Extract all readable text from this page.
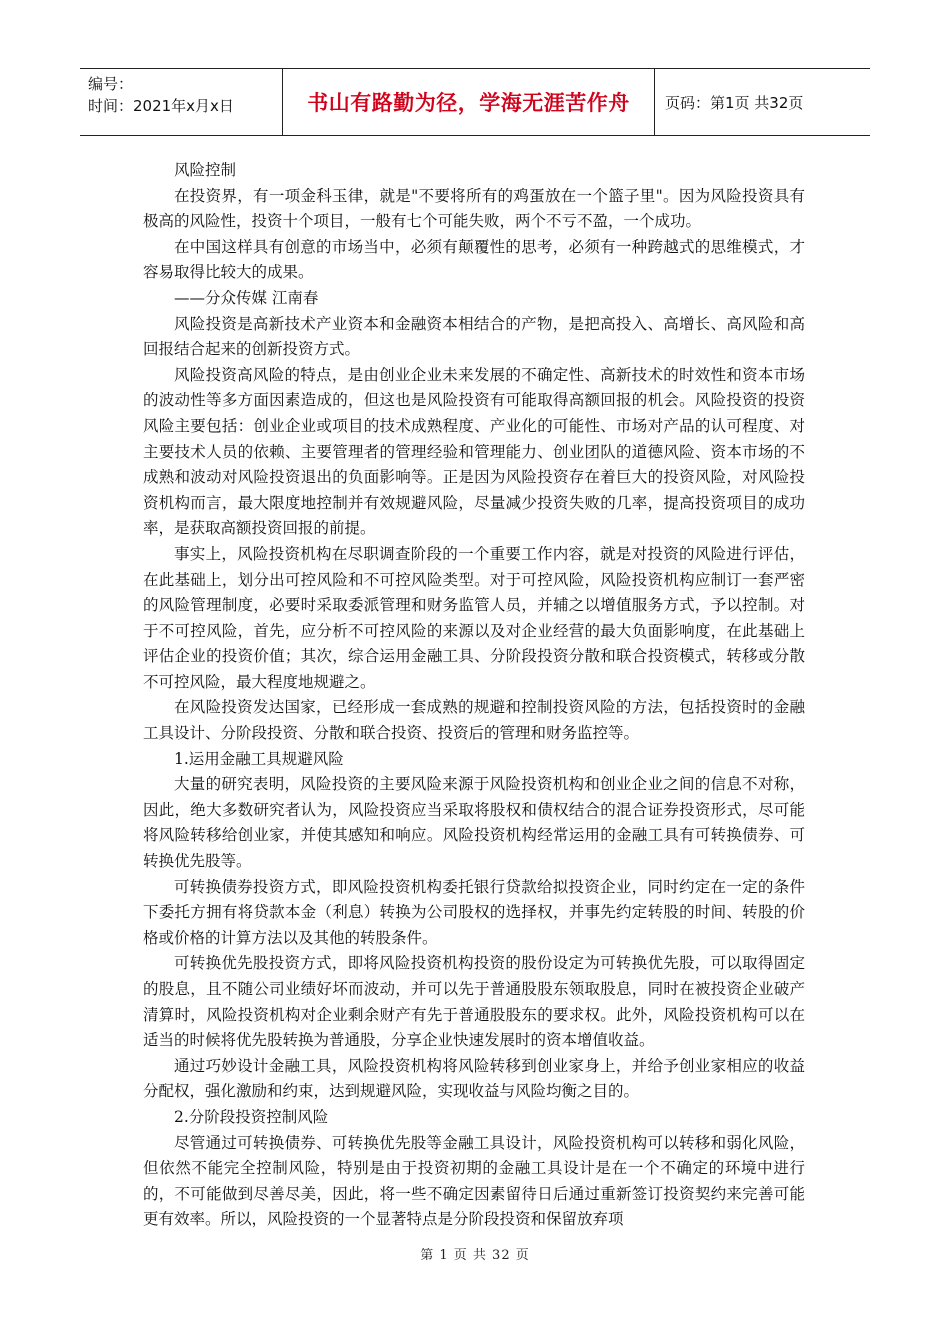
编号：
时间：2021年x月x日	书山有路勤为径，学海无涯苦作舟	页码：第1页 共32页

风险控制

在投资界，有一项金科玉律，就是"不要将所有的鸡蛋放在一个篮子里"。因为风险投资具有极高的风险性，投资十个项目，一般有七个可能失败，两个不亏不盈，一个成功。

在中国这样具有创意的市场当中，必须有颠覆性的思考，必须有一种跨越式的思维模式，才容易取得比较大的成果。

——分众传媒 江南春

风险投资是高新技术产业资本和金融资本相结合的产物，是把高投入、高增长、高风险和高回报结合起来的创新投资方式。

风险投资高风险的特点，是由创业企业未来发展的不确定性、高新技术的时效性和资本市场的波动性等多方面因素造成的，但这也是风险投资有可能取得高额回报的机会。风险投资的投资风险主要包括：创业企业或项目的技术成熟程度、产业化的可能性、市场对产品的认可程度、对主要技术人员的依赖、主要管理者的管理经验和管理能力、创业团队的道德风险、资本市场的不成熟和波动对风险投资退出的负面影响等。正是因为风险投资存在着巨大的投资风险，对风险投资机构而言，最大限度地控制并有效规避风险，尽量减少投资失败的几率，提高投资项目的成功率，是获取高额投资回报的前提。

事实上，风险投资机构在尽职调查阶段的一个重要工作内容，就是对投资的风险进行评估，在此基础上，划分出可控风险和不可控风险类型。对于可控风险，风险投资机构应制订一套严密的风险管理制度，必要时采取委派管理和财务监管人员，并辅之以增值服务方式，予以控制。对于不可控风险，首先，应分析不可控风险的来源以及对企业经营的最大负面影响度，在此基础上评估企业的投资价值；其次，综合运用金融工具、分阶段投资分散和联合投资模式，转移或分散不可控风险，最大程度地规避之。

在风险投资发达国家，已经形成一套成熟的规避和控制投资风险的方法，包括投资时的金融工具设计、分阶段投资、分散和联合投资、投资后的管理和财务监控等。

1.运用金融工具规避风险

大量的研究表明，风险投资的主要风险来源于风险投资机构和创业企业之间的信息不对称，因此，绝大多数研究者认为，风险投资应当采取将股权和债权结合的混合证券投资形式，尽可能将风险转移给创业家，并使其感知和响应。风险投资机构经常运用的金融工具有可转换债券、可转换优先股等。

可转换债券投资方式，即风险投资机构委托银行贷款给拟投资企业，同时约定在一定的条件下委托方拥有将贷款本金（利息）转换为公司股权的选择权，并事先约定转股的时间、转股的价格或价格的计算方法以及其他的转股条件。

可转换优先股投资方式，即将风险投资机构投资的股份设定为可转换优先股，可以取得固定的股息，且不随公司业绩好坏而波动，并可以先于普通股股东领取股息，同时在被投资企业破产清算时，风险投资机构对企业剩余财产有先于普通股股东的要求权。此外，风险投资机构可以在适当的时候将优先股转换为普通股，分享企业快速发展时的资本增值收益。

通过巧妙设计金融工具，风险投资机构将风险转移到创业家身上，并给予创业家相应的收益分配权，强化激励和约束，达到规避风险，实现收益与风险均衡之目的。

2.分阶段投资控制风险

尽管通过可转换债券、可转换优先股等金融工具设计，风险投资机构可以转移和弱化风险，但依然不能完全控制风险，特别是由于投资初期的金融工具设计是在一个不确定的环境中进行的，不可能做到尽善尽美，因此，将一些不确定因素留待日后通过重新签订投资契约来完善可能更有效率。所以，风险投资的一个显著特点是分阶段投资和保留放弃项

第 1 页 共 32 页
